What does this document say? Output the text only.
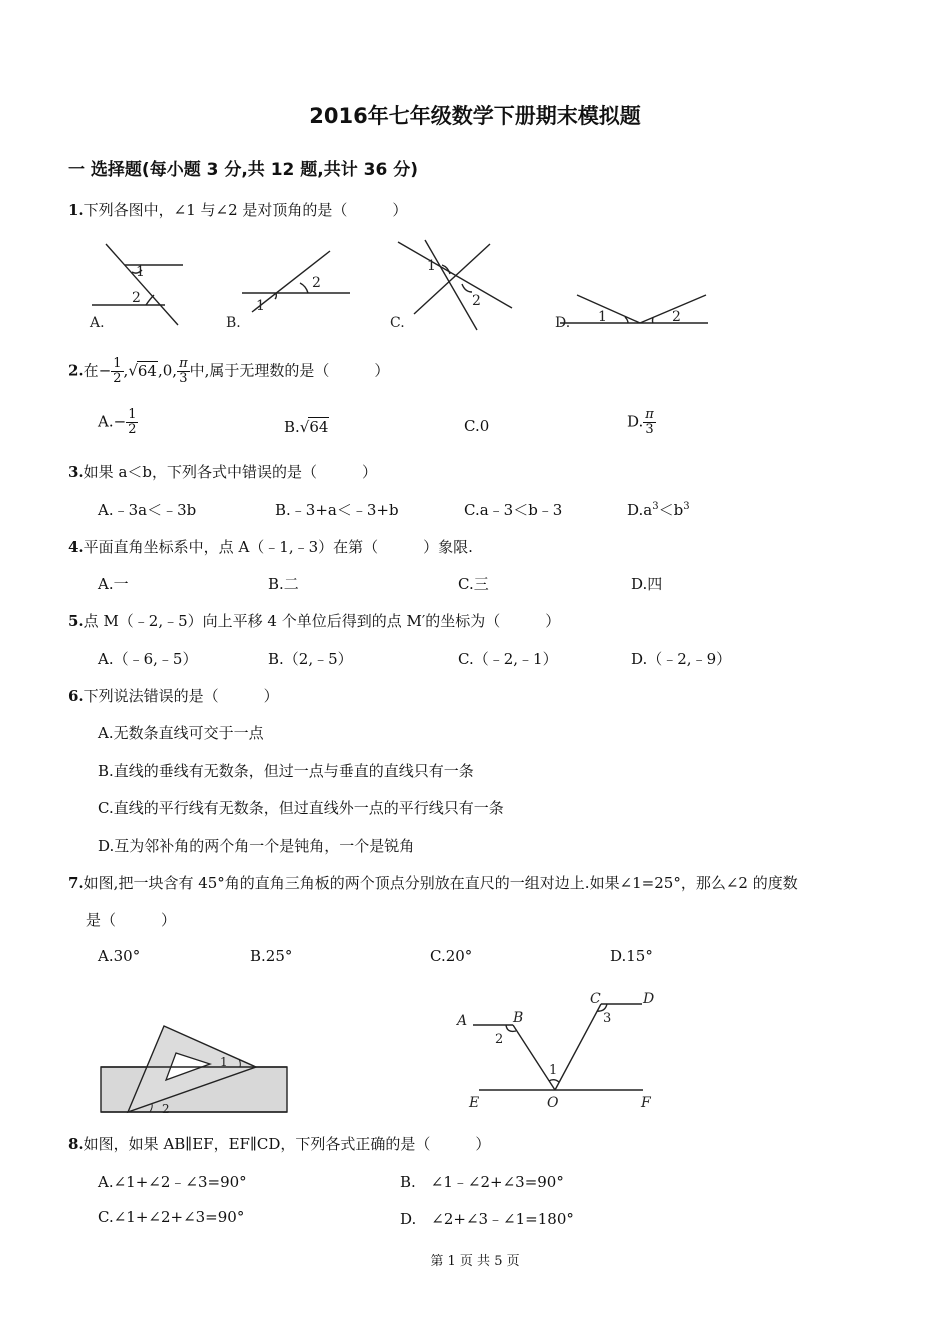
2016年七年级数学下册期末模拟题
一 选择题(每小题 3 分,共 12 题,共计 36 分)
1.下列各图中，∠1 与∠2 是对顶角的是（　　　）
1
2
A.
1
2
B.
1
2
C.	1	2
D.
2.在− $\frac{1}{2} ,√64,0$, $\frac{\pi}{3}$ 中,属于无理数的是（　　　）
$A.- \frac{1}{2}$	B.√64	C.0	D. $\frac{\pi}{3}$
3.如果 a＜b，下列各式中错误的是（　　　）
A.﹣3a＜﹣3b	B.﹣3+a＜﹣3+b	C.a﹣3＜b﹣3	$D.a^3<b^3$
4.平面直角坐标系中，点 A（﹣1,﹣3）在第（　　　）象限.
A.一	B.二	C.三	D.四
5.点 M（﹣2,﹣5）向上平移 4 个单位后得到的点 M′的坐标为（　　　）
A.（﹣6,﹣5）	B.（2,﹣5）	C.（﹣2,﹣1）	D.（﹣2,﹣9）
6.下列说法错误的是（　　　）
A.无数条直线可交于一点
B.直线的垂线有无数条，但过一点与垂直的直线只有一条
C.直线的平行线有无数条，但过直线外一点的平行线只有一条
D.互为邻补角的两个角一个是钝角，一个是锐角
7.如图,把一块含有 45°角的直角三角板的两个顶点分别放在直尺的一组对边上.如果∠1=25°，那么∠2 的度数
是（　　　）
A.30°	B.25°	C.20°	D.15°
1
2
A	B
C	D
E	O	F
2
1
3
8.如图，如果 AB∥EF，EF∥CD，下列各式正确的是（　　　）
A.∠1+∠2﹣∠3=90°	B.　∠1﹣∠2+∠3=90°
C.∠1+∠2+∠3=90°	D.　∠2+∠3﹣∠1=180°
第 1 页 共 5 页
